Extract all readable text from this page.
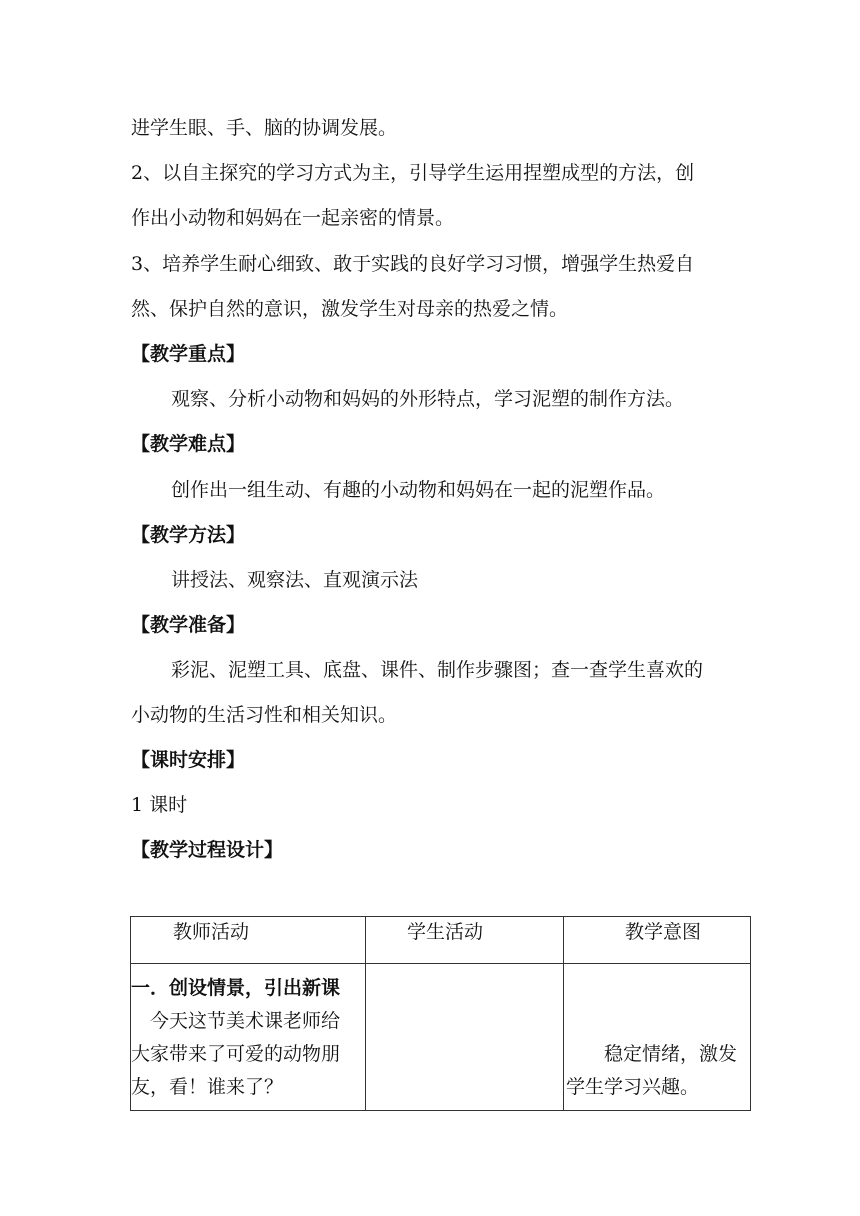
进学生眼、手、脑的协调发展。
2、以自主探究的学习方式为主，引导学生运用捏塑成型的方法，创
作出小动物和妈妈在一起亲密的情景。
3、培养学生耐心细致、敢于实践的良好学习习惯，增强学生热爱自
然、保护自然的意识，激发学生对母亲的热爱之情。
【教学重点】
观察、分析小动物和妈妈的外形特点，学习泥塑的制作方法。
【教学难点】
创作出一组生动、有趣的小动物和妈妈在一起的泥塑作品。
【教学方法】
讲授法、观察法、直观演示法
【教学准备】
彩泥、泥塑工具、底盘、课件、制作步骤图；查一查学生喜欢的
小动物的生活习性和相关知识。
【课时安排】
1 课时
【教学过程设计】
教师活动	学生活动	教学意图

一．创设情景，引出新课
　今天这节美术课老师给
大家带来了可爱的动物朋
友，看！谁来了？		　　稳定情绪，激发
学生学习兴趣。
